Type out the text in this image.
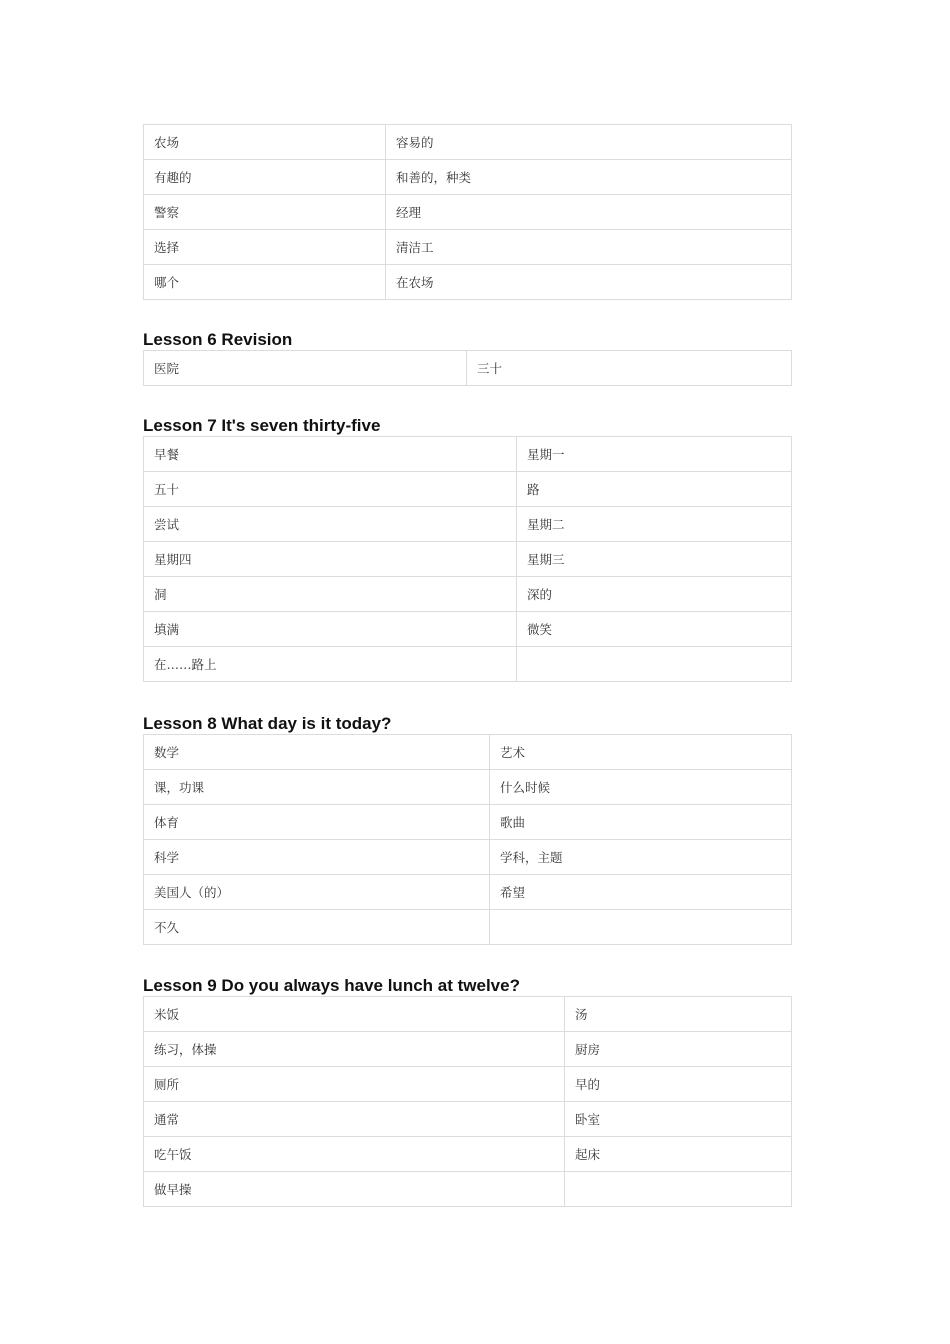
农场	容易的
有趣的	和善的，种类
警察	经理
选择	清洁工
哪个	在农场
Lesson 6 Revision
医院	三十
Lesson 7 It's seven thirty-five
早餐	星期一
五十	路
尝试	星期二
星期四	星期三
洞	深的
填满	微笑
在……路上	
Lesson 8 What day is it today?
数学	艺术
课，功课	什么时候
体育	歌曲
科学	学科，主题
美国人（的）	希望
不久	
Lesson 9 Do you always have lunch at twelve?
米饭	汤
练习，体操	厨房
厕所	早的
通常	卧室
吃午饭	起床
做早操	
